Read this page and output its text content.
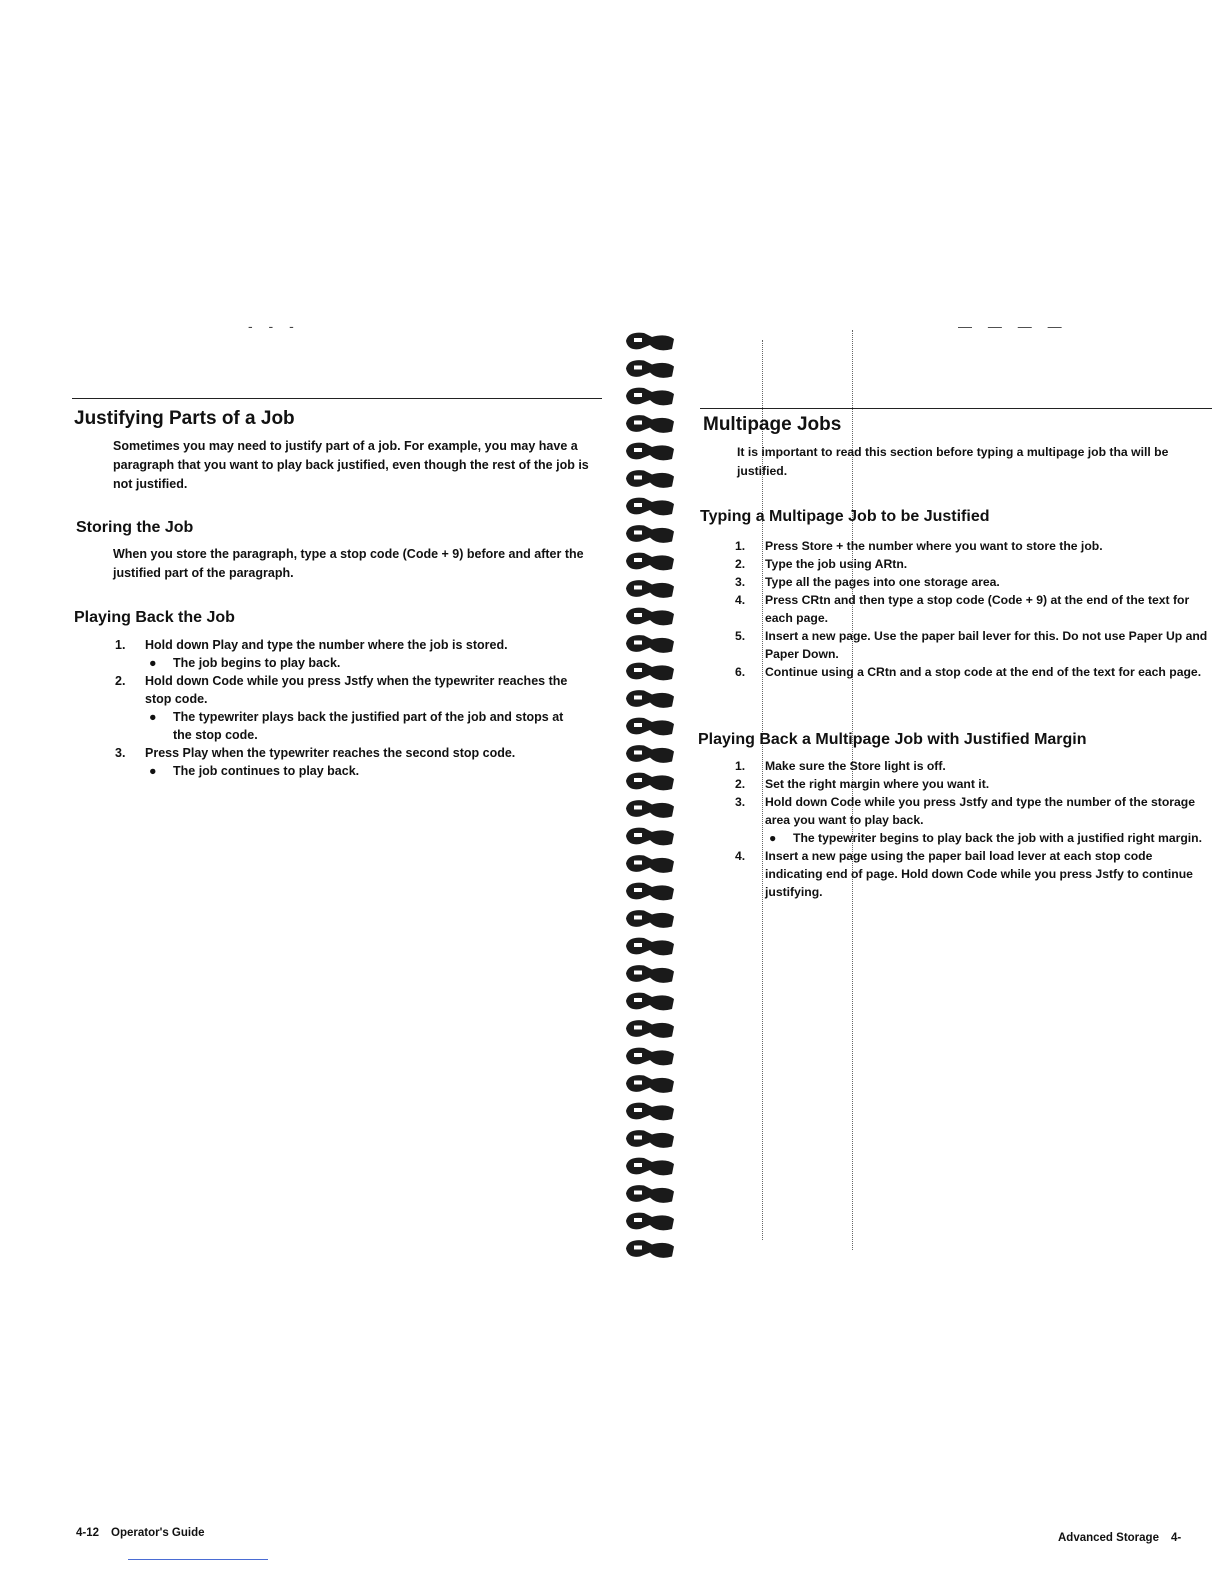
- - -
Justifying Parts of a Job

Sometimes you may need to justify part of a job. For example, you may have a paragraph that you want to play back justified, even though the rest of the job is not justified.

Storing the Job

When you store the paragraph, type a stop code (Code + 9) before and after the justified part of the paragraph.

Playing Back the Job
1.	Hold down Play and type the number where the job is stored.
● The job begins to play back.
2.	Hold down Code while you press Jstfy when the typewriter reaches the stop code.
● The typewriter plays back the justified part of the job and stops at the stop code.
3.	Press Play when the typewriter reaches the second stop code.
● The job continues to play back.
4-12 Operator's Guide
— — — —
Multipage Jobs

It is important to read this section before typing a multipage job tha will be justified.

Typing a Multipage Job to be Justified
1.	Press Store + the number where you want to store the job.
2.	Type the job using ARtn.
3.	Type all the pages into one storage area.
4.	Press CRtn and then type a stop code (Code + 9) at the end of the text for each page.
5.	Insert a new page. Use the paper bail lever for this. Do not use Paper Up and Paper Down.
6.	Continue using a CRtn and a stop code at the end of the text for each page.
Playing Back a Multipage Job with Justified Margin
1.	Make sure the Store light is off.
2.	Set the right margin where you want it.
3.	Hold down Code while you press Jstfy and type the number of the storage area you want to play back.
● The typewriter begins to play back the job with a justified right margin.
4.	Insert a new page using the paper bail load lever at each stop code indicating end of page. Hold down Code while you press Jstfy to continue justifying.
Advanced Storage 4-
